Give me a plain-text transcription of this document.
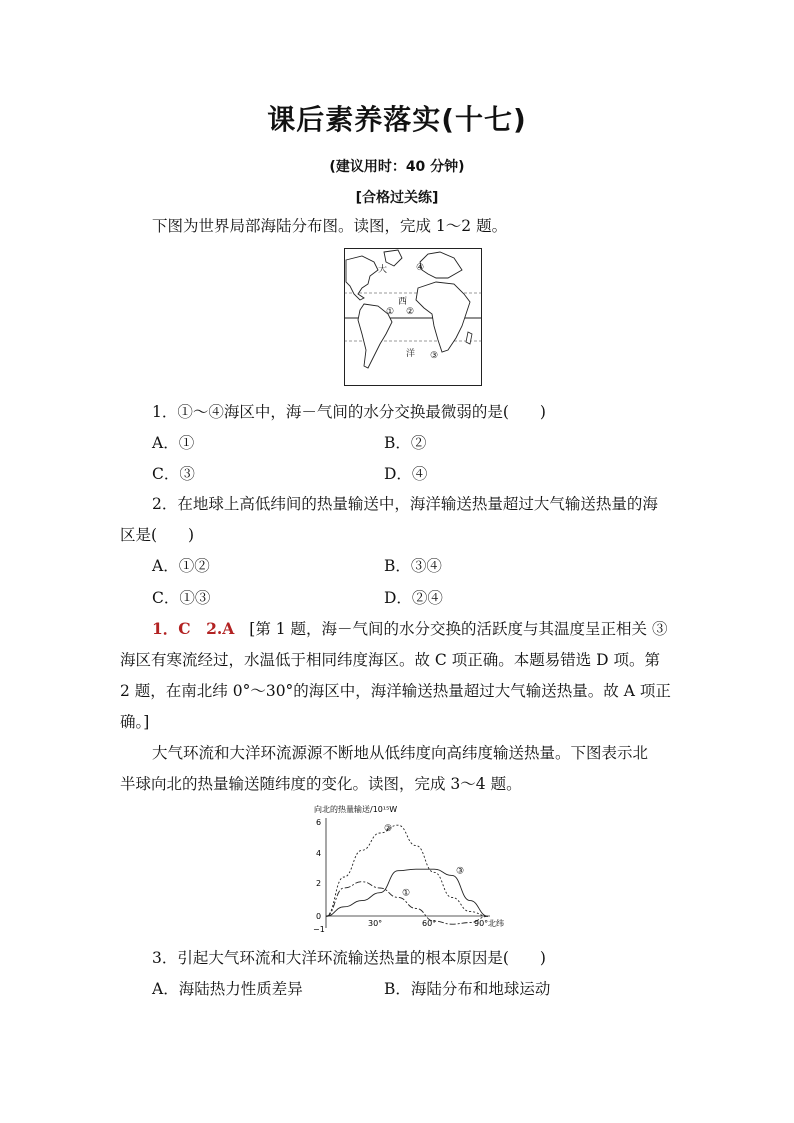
课后素养落实(十七)
(建议用时：40 分钟)
[合格过关练]
下图为世界局部海陆分布图。读图，完成 1～2 题。
大
西
洋
① ②
③
④
1．①～④海区中，海－气间的水分交换最微弱的是(　　)
A．①	B．②
C．③	D．④
2．在地球上高低纬间的热量输送中，海洋输送热量超过大气输送热量的海
区是(　　)
A．①②	B．③④
C．①③	D．②④
1．C　2.A [第 1 题，海－气间的水分交换的活跃度与其温度呈正相关 ③
海区有寒流经过，水温低于相同纬度海区。故 C 项正确。本题易错选 D 项。第
2 题，在南北纬 0°～30°的海区中，海洋输送热量超过大气输送热量。故 A 项正
确。]
大气环流和大洋环流源源不断地从低纬度向高纬度输送热量。下图表示北
半球向北的热量输送随纬度的变化。读图，完成 3～4 题。
向北的热量输送/10¹⁵W
6
4
2
0
−1
30°	60°	90° 北纬
①
②
③
3．引起大气环流和大洋环流输送热量的根本原因是(　　)
A．海陆热力性质差异	B．海陆分布和地球运动
